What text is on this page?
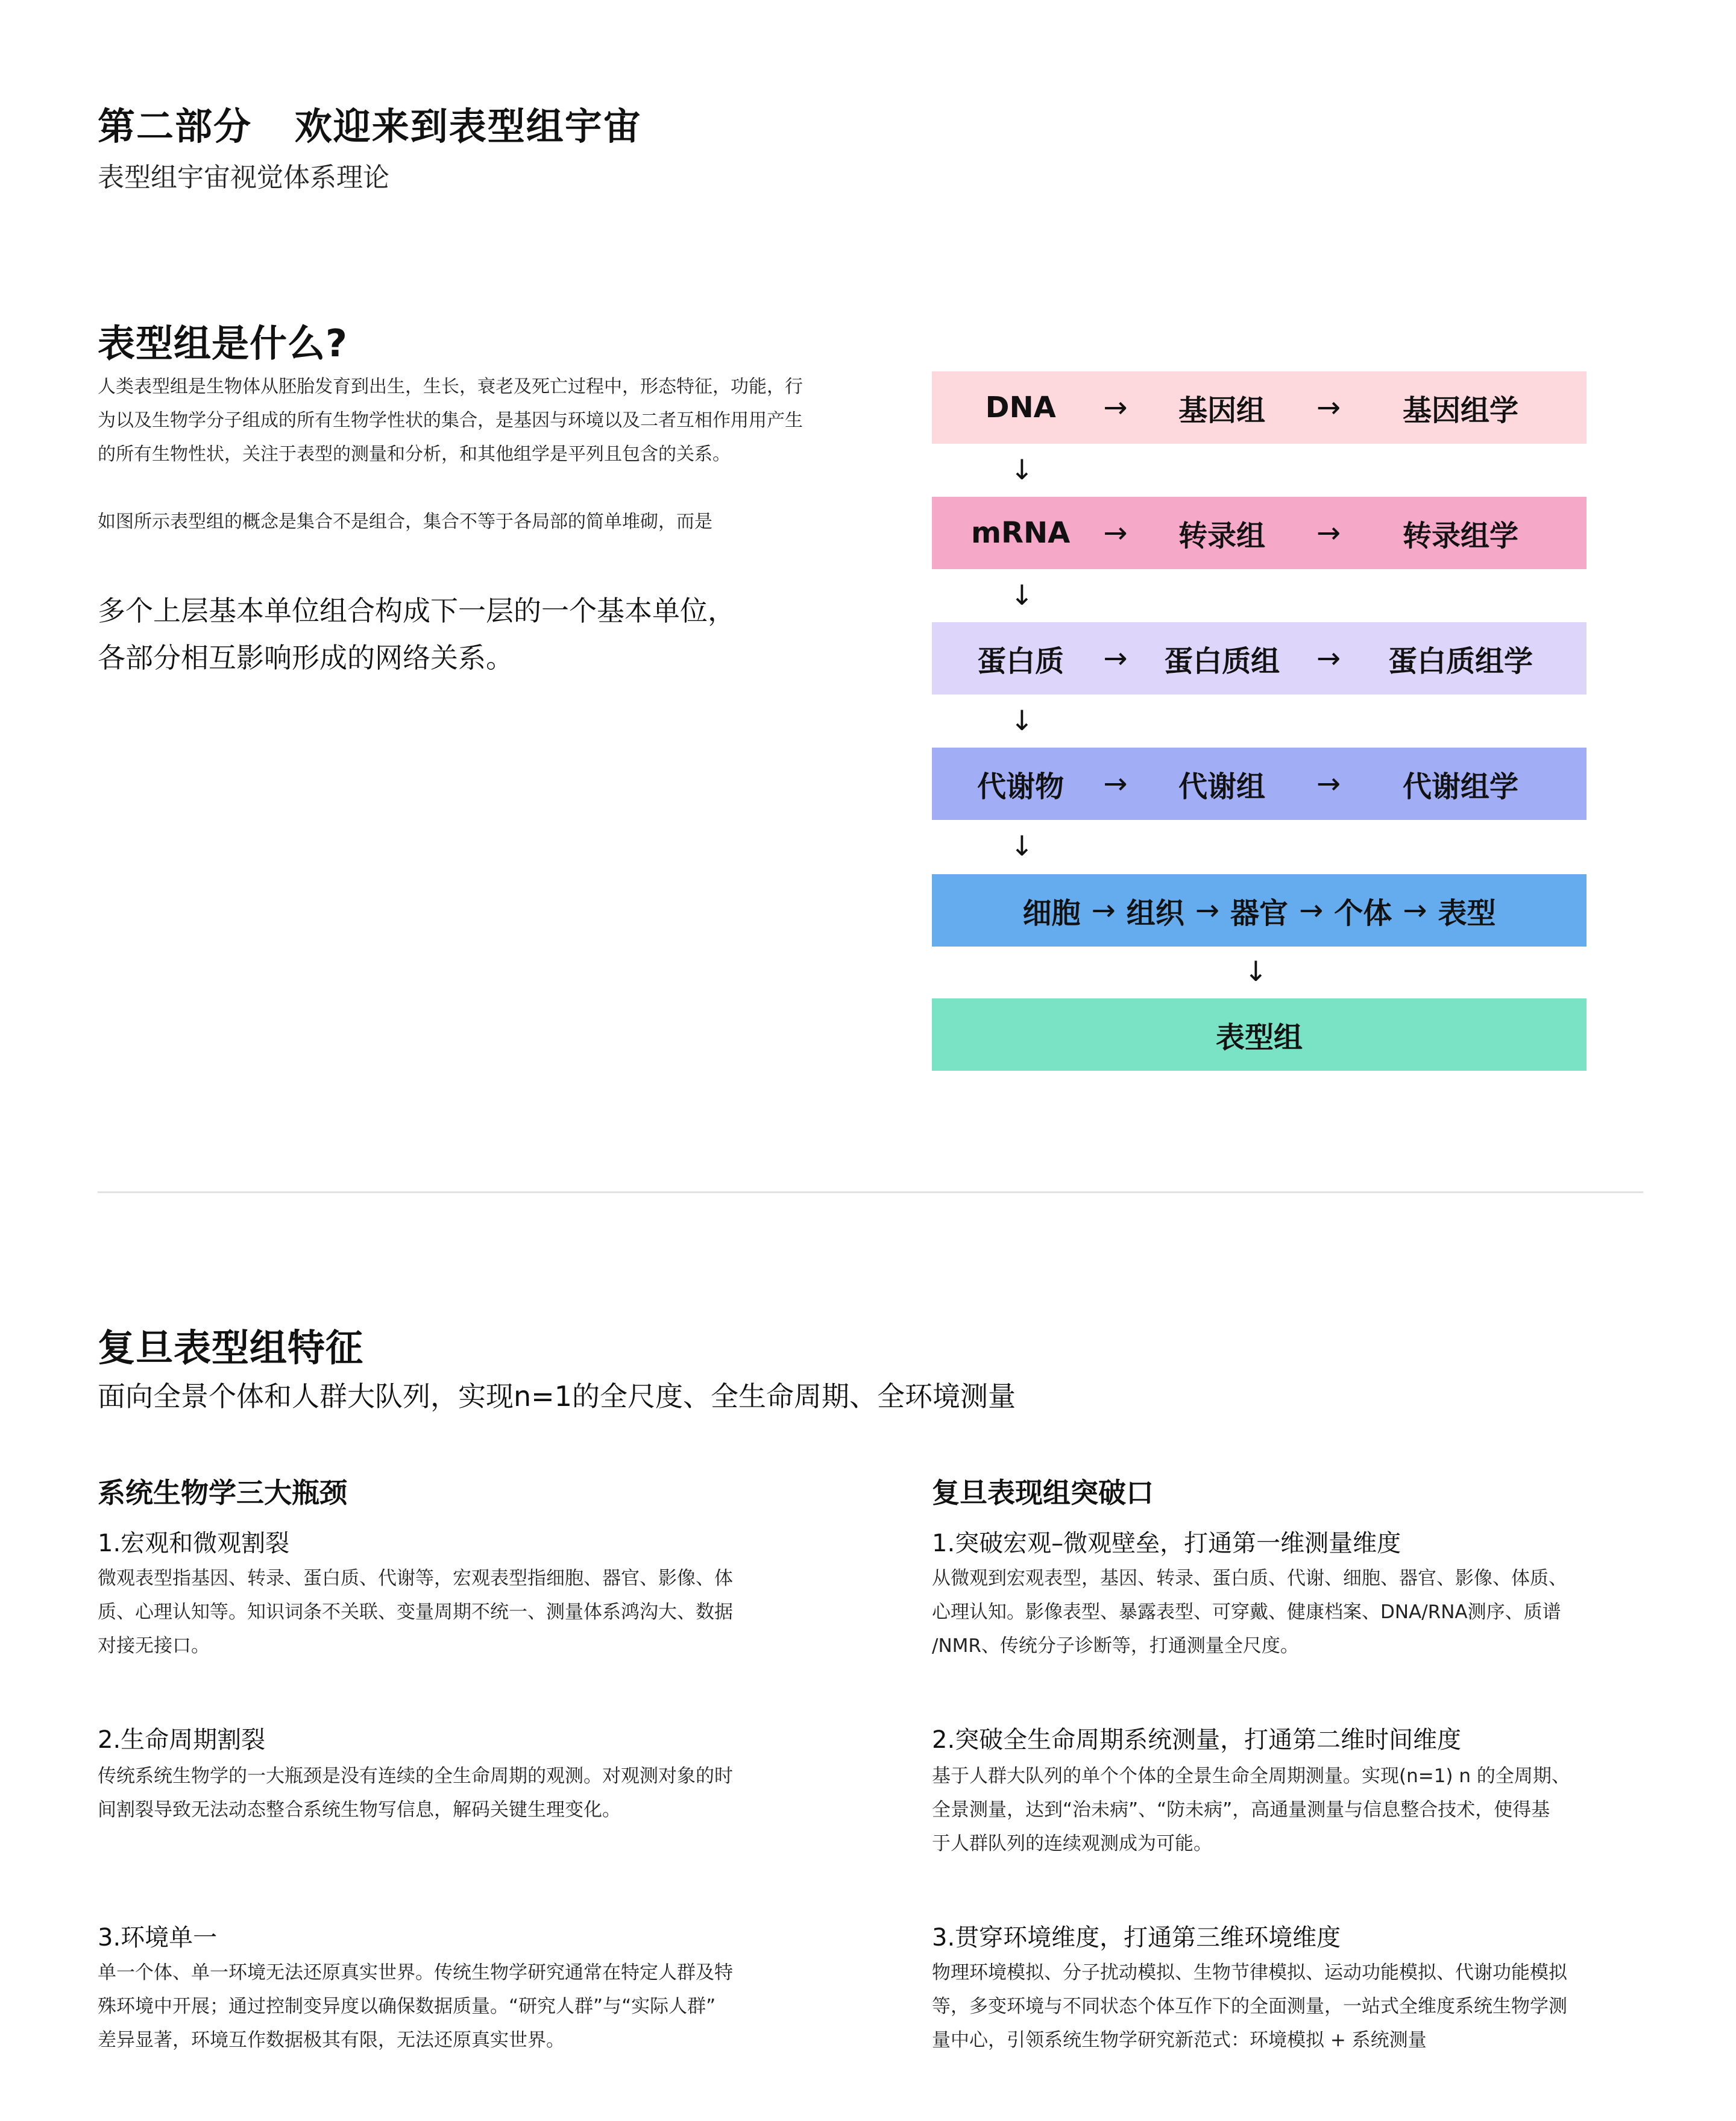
第二部分   欢迎来到表型组宇宙
表型组宇宙视觉体系理论
表型组是什么?
人类表型组是生物体从胚胎发育到出生，生长，衰老及死亡过程中，形态特征，功能，行为以及生物学分子组成的所有生物学性状的集合，是基因与环境以及二者互相作用用产生的所有生物性状，关注于表型的测量和分析，和其他组学是平列且包含的关系。
如图所示表型组的概念是集合不是组合，集合不等于各局部的简单堆砌，而是
多个上层基本单位组合构成下一层的一个基本单位，
各部分相互影响形成的网络关系。
DNA	→	基因组	→	基因组学
↓
mRNA	→	转录组	→	转录组学
↓
蛋白质	→	蛋白质组	→	蛋白质组学
↓
代谢物	→	代谢组	→	代谢组学
↓
细胞 → 组织 → 器官 → 个体 → 表型
↓
表型组
复旦表型组特征
面向全景个体和人群大队列，实现n=1的全尺度、全生命周期、全环境测量
系统生物学三大瓶颈
1.宏观和微观割裂
微观表型指基因、转录、蛋白质、代谢等，宏观表型指细胞、器官、影像、体
质、心理认知等。知识词条不关联、变量周期不统一、测量体系鸿沟大、数据
对接无接口。
2.生命周期割裂
传统系统生物学的一大瓶颈是没有连续的全生命周期的观测。对观测对象的时
间割裂导致无法动态整合系统生物写信息，解码关键生理变化。
3.环境单一
单一个体、单一环境无法还原真实世界。传统生物学研究通常在特定人群及特
殊环境中开展；通过控制变异度以确保数据质量。“研究人群”与“实际人群”
差异显著，环境互作数据极其有限，无法还原真实世界。
复旦表现组突破口
1.突破宏观–微观壁垒，打通第一维测量维度
从微观到宏观表型，基因、转录、蛋白质、代谢、细胞、器官、影像、体质、
心理认知。影像表型、暴露表型、可穿戴、健康档案、DNA/RNA测序、质谱
/NMR、传统分子诊断等，打通测量全尺度。
2.突破全生命周期系统测量，打通第二维时间维度
基于人群大队列的单个个体的全景生命全周期测量。实现(n=1) n 的全周期、
全景测量，达到“治未病”、“防未病”，高通量测量与信息整合技术，使得基
于人群队列的连续观测成为可能。
3.贯穿环境维度，打通第三维环境维度
物理环境模拟、分子扰动模拟、生物节律模拟、运动功能模拟、代谢功能模拟
等，多变环境与不同状态个体互作下的全面测量，一站式全维度系统生物学测
量中心，引领系统生物学研究新范式：环境模拟 + 系统测量
